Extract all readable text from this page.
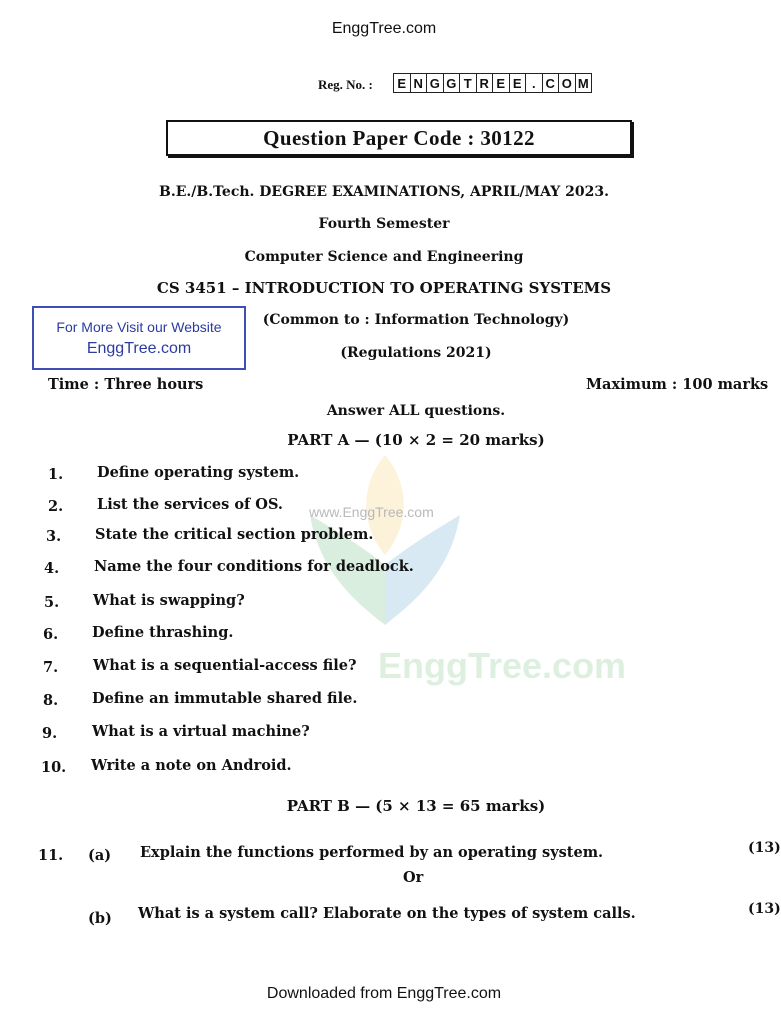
EnggTree.com
Reg. No. :	E N G G T R E E . C O M
Question Paper Code : 30122
B.E./B.Tech. DEGREE EXAMINATIONS, APRIL/MAY 2023.
Fourth Semester
Computer Science and Engineering
CS 3451 – INTRODUCTION TO OPERATING SYSTEMS
(Common to : Information Technology)
(Regulations 2021)
For More Visit our Website
EnggTree.com
Time : Three hours	Maximum : 100 marks
Answer ALL questions.
PART A — (10 × 2 = 20 marks)
www.EnggTree.com
EnggTree.com
1. Define operating system.
2. List the services of OS.
3. State the critical section problem.
4. Name the four conditions for deadlock.
5. What is swapping?
6. Define thrashing.
7. What is a sequential-access file?
8. Define an immutable shared file.
9. What is a virtual machine?
10. Write a note on Android.
PART B — (5 × 13 = 65 marks)
11. (a) Explain the functions performed by an operating system.	(13)
Or
(b) What is a system call? Elaborate on the types of system calls.	(13)
Downloaded from EnggTree.com
